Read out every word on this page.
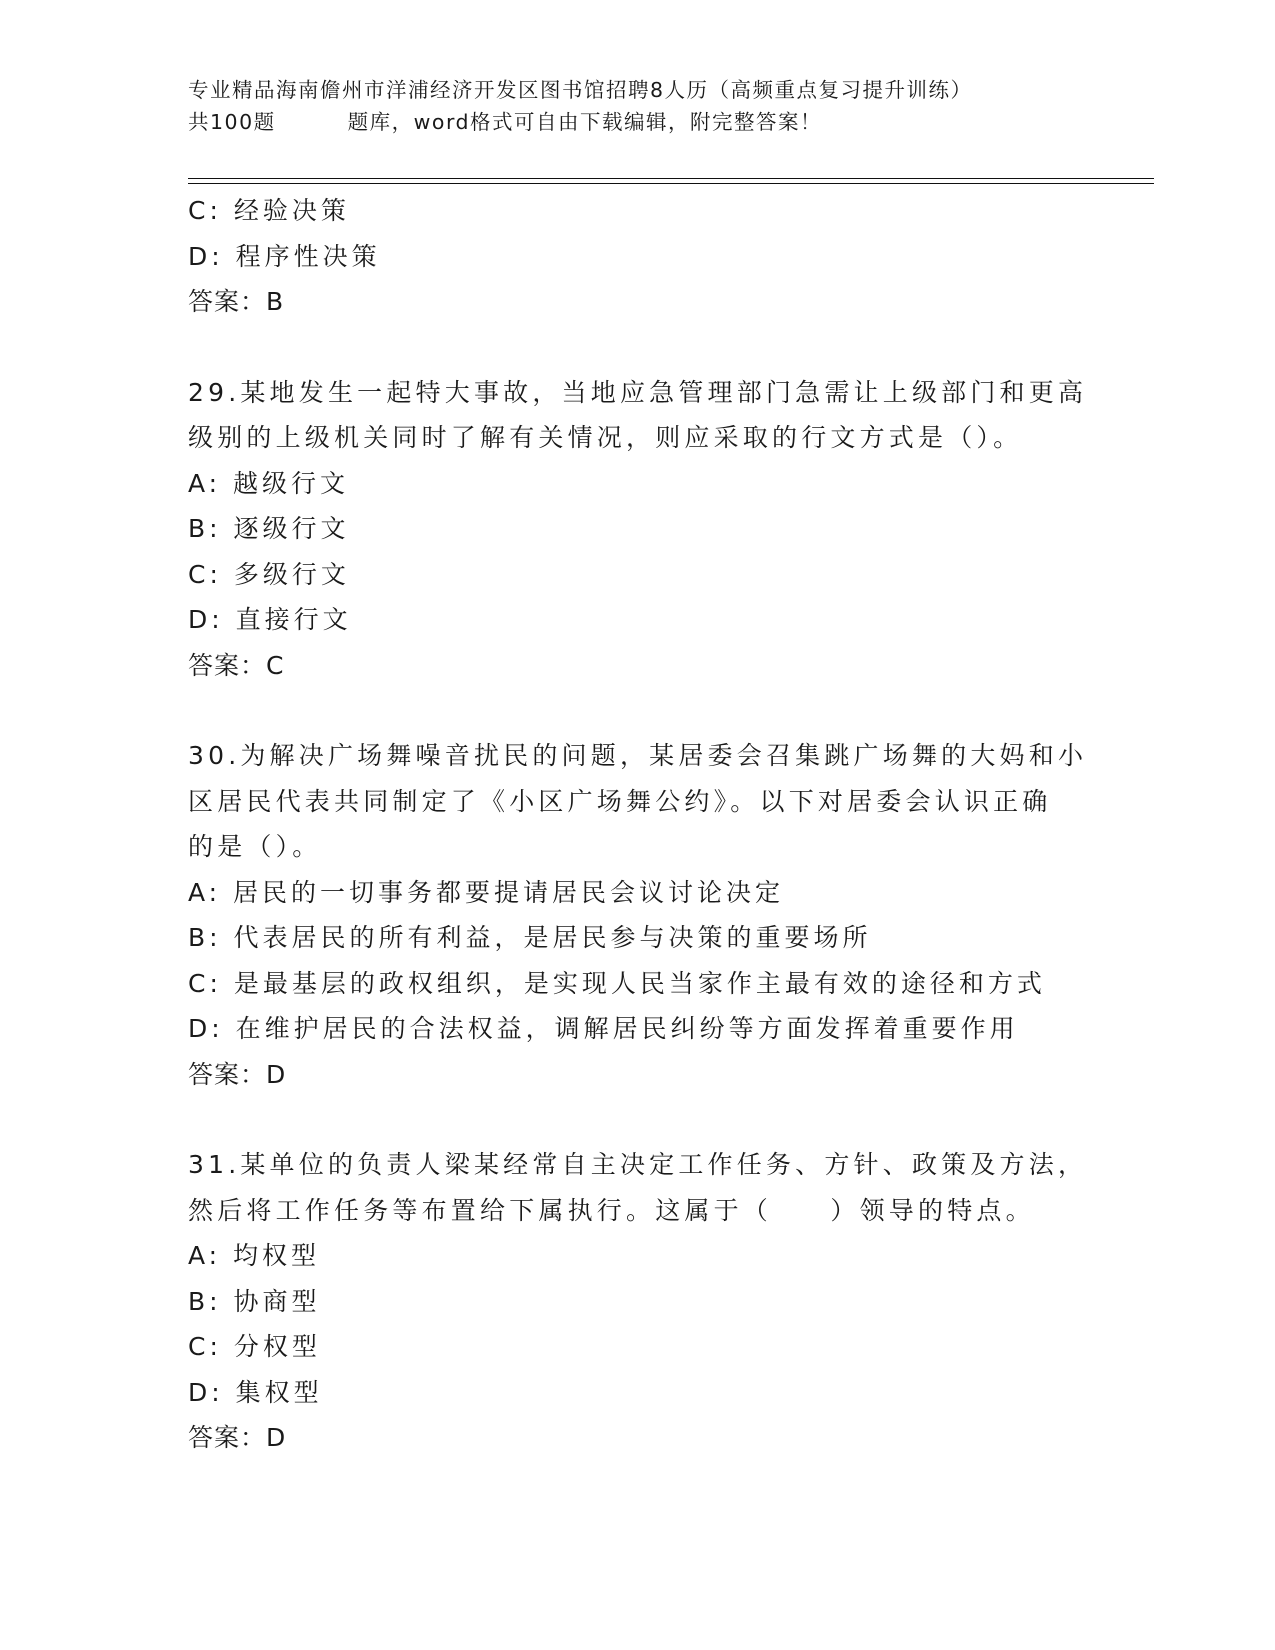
专业精品海南儋州市洋浦经济开发区图书馆招聘8人历（高频重点复习提升训练）
共100题	题库，word格式可自由下载编辑，附完整答案！
C: 经验决策
D: 程序性决策
答案：B
29.某地发生一起特大事故，当地应急管理部门急需让上级部门和更高
级别的上级机关同时了解有关情况，则应采取的行文方式是（）。
A: 越级行文
B: 逐级行文
C: 多级行文
D: 直接行文
答案：C
30.为解决广场舞噪音扰民的问题，某居委会召集跳广场舞的大妈和小
区居民代表共同制定了《小区广场舞公约》。以下对居委会认识正确
的是（）。
A: 居民的一切事务都要提请居民会议讨论决定
B: 代表居民的所有利益，是居民参与决策的重要场所
C: 是最基层的政权组织，是实现人民当家作主最有效的途径和方式
D: 在维护居民的合法权益，调解居民纠纷等方面发挥着重要作用
答案：D
31.某单位的负责人梁某经常自主决定工作任务、方针、政策及方法，
然后将工作任务等布置给下属执行。这属于（　　）领导的特点。
A: 均权型
B: 协商型
C: 分权型
D: 集权型
答案：D
